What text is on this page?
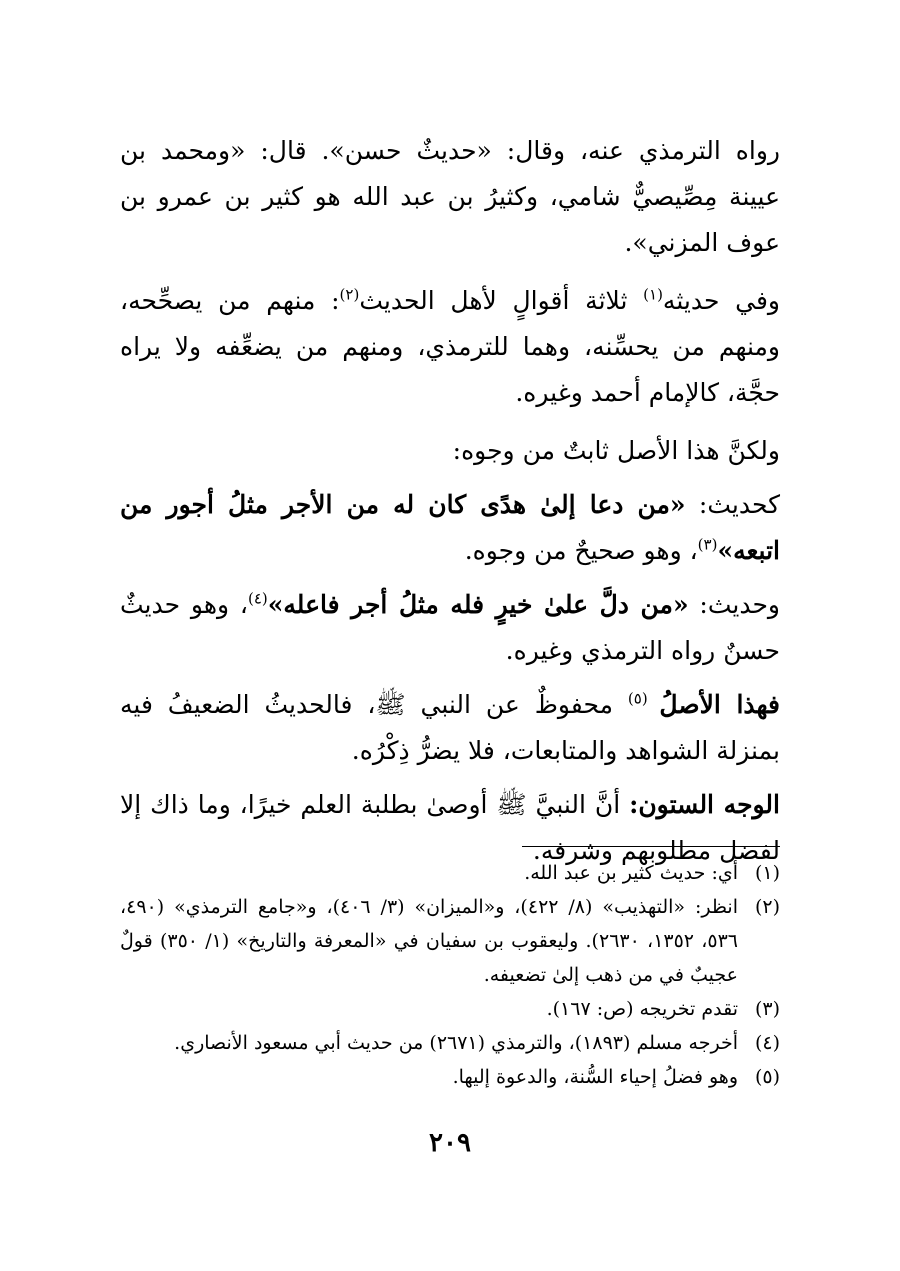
رواه الترمذي عنه، وقال: «حديثٌ حسن». قال: «ومحمد بن عيينة مِصِّيصيٌّ شامي، وكثيرُ بن عبد الله هو كثير بن عمرو بن عوف المزني».

وفي حديثه$^{(١)}$ ثلاثة أقوالٍ لأهل الحديث$^{(٢)}$: منهم من يصحِّحه، ومنهم من يحسِّنه، وهما للترمذي، ومنهم من يضعِّفه ولا يراه حجَّة، كالإمام أحمد وغيره.

ولكنَّ هذا الأصل ثابتٌ من وجوه:

كحديث: «من دعا إلىٰ هدًى كان له من الأجر مثلُ أجور من اتبعه»$^{(٣)}$، وهو صحيحٌ من وجوه.

وحديث: «من دلَّ علىٰ خيرٍ فله مثلُ أجر فاعله»$^{(٤)}$، وهو حديثٌ حسنٌ رواه الترمذي وغيره.

فهذا الأصلُ $^{(٥)}$ محفوظٌ عن النبي ﷺ، فالحديثُ الضعيفُ فيه بمنزلة الشواهد والمتابعات، فلا يضرُّ ذِكْرُه.

الوجه الستون: أنَّ النبيَّ ﷺ أوصىٰ بطلبة العلم خيرًا، وما ذاك إلا لفضل مطلوبهم وشرفه.

(١)
أي: حديث كثير بن عبد الله.
(٢)
انظر: «التهذيب» (٨/ ٤٢٢)، و«الميزان» (٣/ ٤٠٦)، و«جامع الترمذي» (٤٩٠، ٥٣٦، ١٣٥٢، ٢٦٣٠). وليعقوب بن سفيان في «المعرفة والتاريخ» (١/ ٣٥٠) قولٌ عجيبٌ في من ذهب إلىٰ تضعيفه.
(٣)
تقدم تخريجه (ص: ١٦٧).
(٤)
أخرجه مسلم (١٨٩٣)، والترمذي (٢٦٧١) من حديث أبي مسعود الأنصاري.
(٥)
وهو فضلُ إحياء السُّنة، والدعوة إليها.
٢٠٩
